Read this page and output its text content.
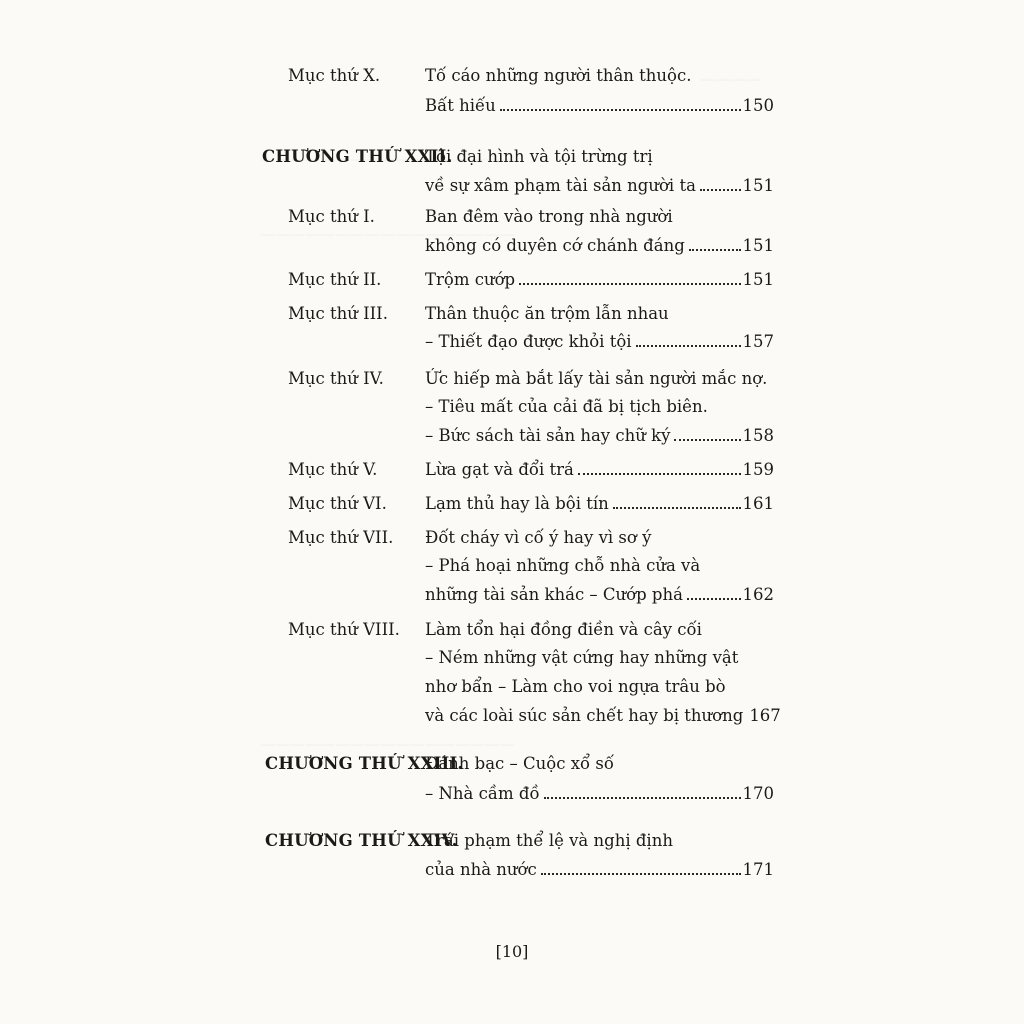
Mục thứ X.	Tố cáo những người thân thuộc.
Bất hiếu	150
CHƯƠNG THỨ XXII.
Tội đại hình và tội trừng trị
về sự xâm phạm tài sản người ta	151
Mục thứ I.	Ban đêm vào trong nhà người
không có duyên cớ chánh đáng	151
Mục thứ II.	Trộm cướp	151
Mục thứ III. Thân thuộc ăn trộm lẫn nhau
– Thiết đạo được khỏi tội	157
Mục thứ IV. Ức hiếp mà bắt lấy tài sản người mắc nợ.
– Tiêu mất của cải đã bị tịch biên.
– Bức sách tài sản hay chữ ký	158
Mục thứ V.	Lừa gạt và đổi trá	159
Mục thứ VI. Lạm thủ hay là bội tín	161
Mục thứ VII. Đốt cháy vì cố ý hay vì sơ ý
– Phá hoại những chỗ nhà cửa và
những tài sản khác – Cướp phá	162
Mục thứ VIII. Làm tổn hại đồng điền và cây cối
– Ném những vật cứng hay những vật
nhơ bẩn – Làm cho voi ngựa trâu bò
và các loài súc sản chết hay bị thương 167
CHƯƠNG THỨ XXIII.
Đánh bạc – Cuộc xổ số
– Nhà cầm đồ	170
CHƯƠNG THỨ XXIV.
Trái phạm thể lệ và nghị định
của nhà nước	171
[10]
